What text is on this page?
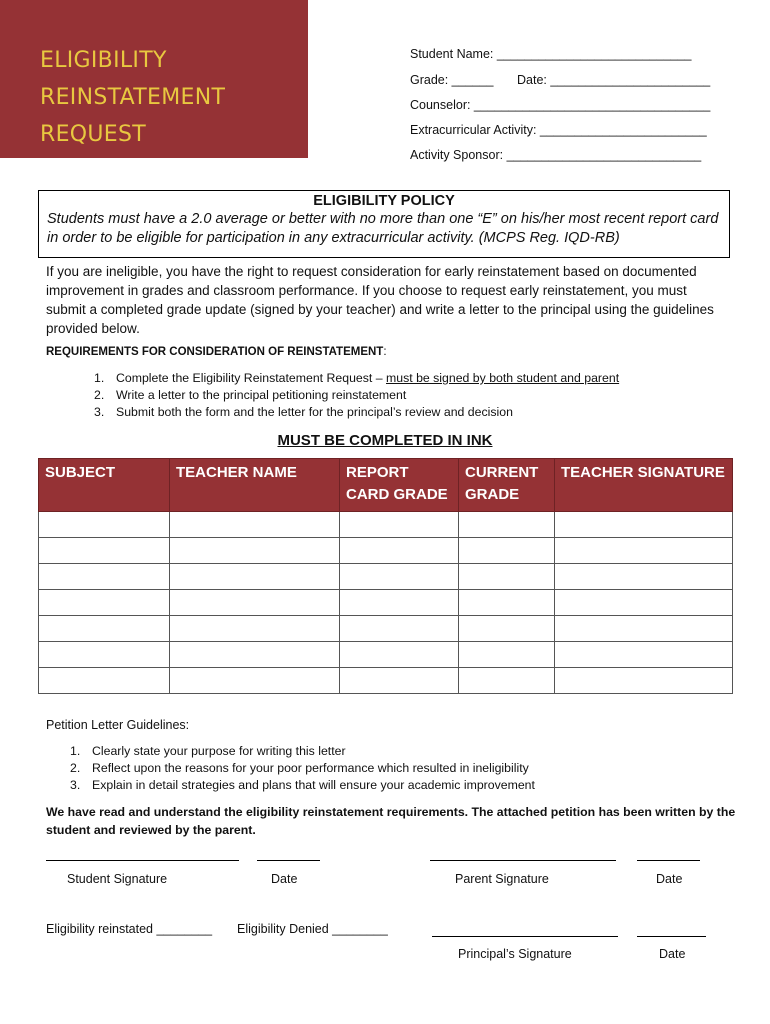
ELIGIBILITY
REINSTATEMENT
REQUEST
Student Name: ____________________________
Grade: ______ Date: _______________________
Counselor: __________________________________
Extracurricular Activity: ________________________
Activity Sponsor: ____________________________
ELIGIBILITY POLICY
Students must have a 2.0 average or better with no more than one “E” on his/her most recent report card in order to be eligible for participation in any extracurricular activity. (MCPS Reg. IQD-RB)
If you are ineligible, you have the right to request consideration for early reinstatement based on documented improvement in grades and classroom performance. If you choose to request early reinstatement, you must submit a completed grade update (signed by your teacher) and write a letter to the principal using the guidelines provided below.
REQUIREMENTS FOR CONSIDERATION OF REINSTATEMENT:
1. Complete the Eligibility Reinstatement Request – must be signed by both student and parent
2. Write a letter to the principal petitioning reinstatement
3. Submit both the form and the letter for the principal’s review and decision
MUST BE COMPLETED IN INK
SUBJECT	TEACHER NAME	REPORT CARD GRADE	CURRENT GRADE	TEACHER SIGNATURE

Petition Letter Guidelines:
1. Clearly state your purpose for writing this letter
2. Reflect upon the reasons for your poor performance which resulted in ineligibility
3. Explain in detail strategies and plans that will ensure your academic improvement
We have read and understand the eligibility reinstatement requirements. The attached petition has been written by the student and reviewed by the parent.
Student Signature	Date	Parent Signature	Date
Eligibility reinstated ________ Eligibility Denied ________
Principal’s Signature	Date
